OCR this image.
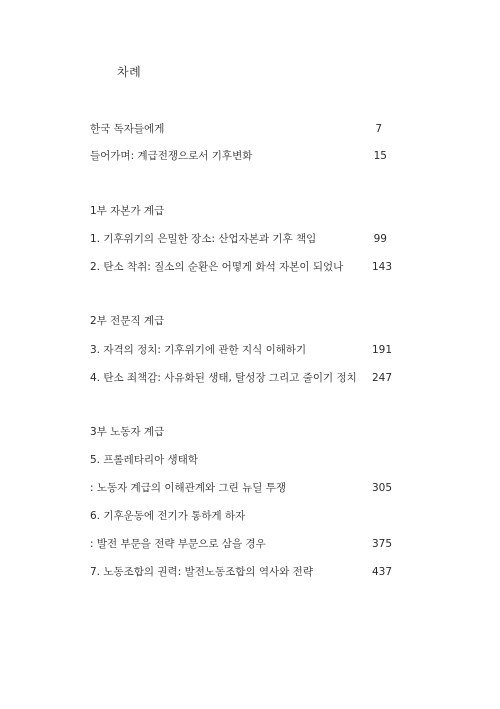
차례
한국 독자들에게	7
들어가며: 계급전쟁으로서 기후변화	15
1부 자본가 계급
1. 기후위기의 은밀한 장소: 산업자본과 기후 책임	99
2. 탄소 착취: 질소의 순환은 어떻게 화석 자본이 되었나	143
2부 전문직 계급
3. 자격의 정치: 기후위기에 관한 지식 이해하기	191
4. 탄소 죄책감: 사유화된 생태, 탈성장 그리고 줄이기 정치 247
3부 노동자 계급
5. 프롤레타리아 생태학
: 노동자 계급의 이해관계와 그린 뉴딜 투쟁	305
6. 기후운동에 전기가 통하게 하자
: 발전 부문을 전략 부문으로 삼을 경우	375
7. 노동조합의 권력: 발전노동조합의 역사와 전략	437
